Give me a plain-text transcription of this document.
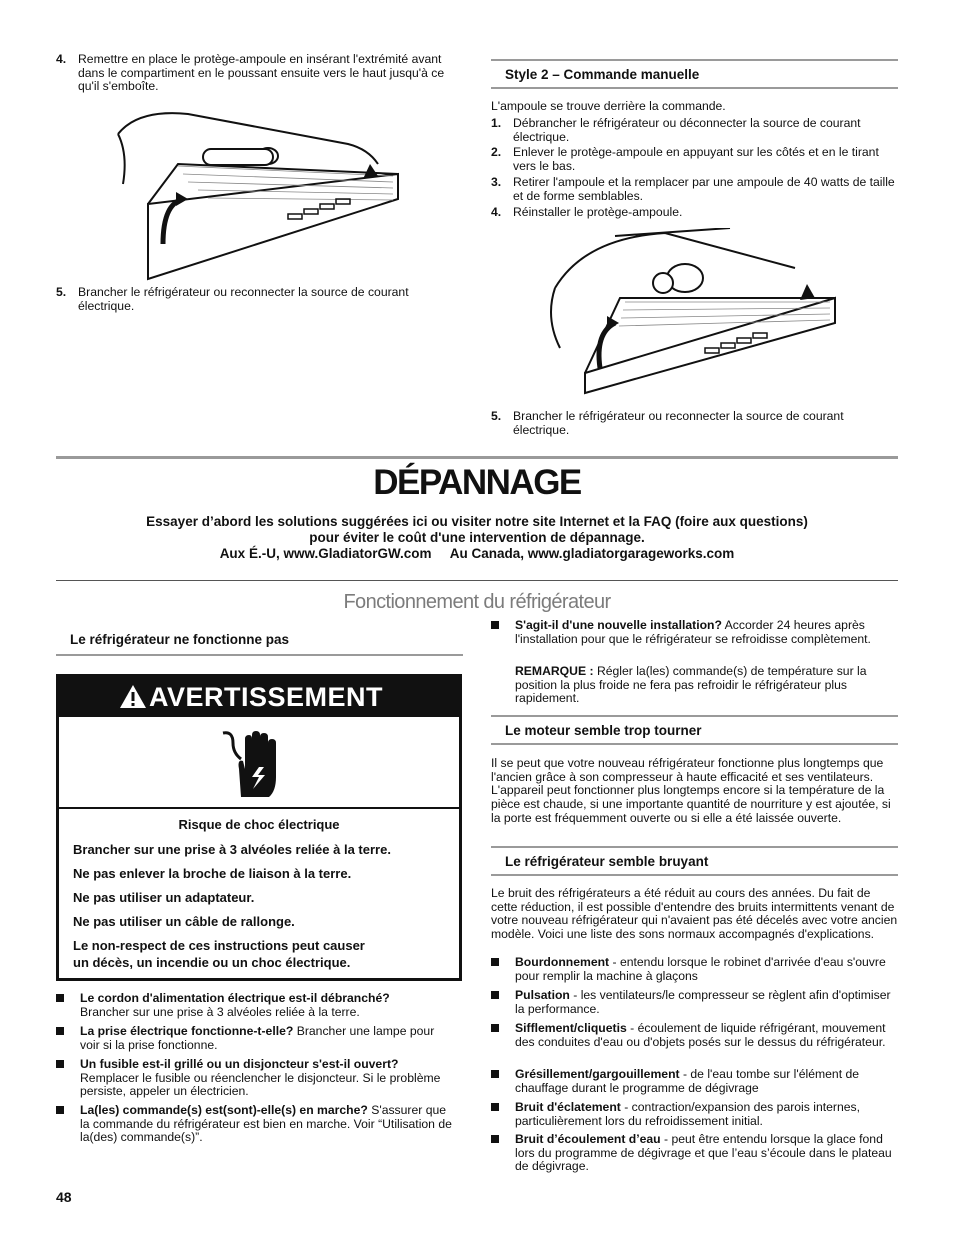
4. Remettre en place le protège-ampoule en insérant l'extrémité avant dans le compartiment en le poussant ensuite vers le haut jusqu'à ce qu'il s'emboîte.
5. Brancher le réfrigérateur ou reconnecter la source de courant électrique.
Style 2 – Commande manuelle
L'ampoule se trouve derrière la commande.
1. Débrancher le réfrigérateur ou déconnecter la source de courant électrique.
2. Enlever le protège-ampoule en appuyant sur les côtés et en le tirant vers le bas.
3. Retirer l'ampoule et la remplacer par une ampoule de 40 watts de taille et de forme semblables.
4. Réinstaller le protège-ampoule.
5. Brancher le réfrigérateur ou reconnecter la source de courant électrique.
DÉPANNAGE
Essayer d’abord les solutions suggérées ici ou visiter notre site Internet et la FAQ (foire aux questions)
pour éviter le coût d'une intervention de dépannage.
Aux É.-U, www.GladiatorGW.com     Au Canada, www.gladiatorgarageworks.com
Fonctionnement du réfrigérateur
Le réfrigérateur ne fonctionne pas
AVERTISSEMENT
Risque de choc électrique
Brancher sur une prise à 3 alvéoles reliée à la terre.
Ne pas enlever la broche de liaison à la terre.
Ne pas utiliser un adaptateur.
Ne pas utiliser un câble de rallonge.
Le non-respect de ces instructions peut causer
un décès, un incendie ou un choc électrique.
Le cordon d'alimentation électrique est-il débranché?
Brancher sur une prise à 3 alvéoles reliée à la terre.
La prise électrique fonctionne-t-elle? Brancher une lampe pour voir si la prise fonctionne.
Un fusible est-il grillé ou un disjoncteur s'est-il ouvert?
Remplacer le fusible ou réenclencher le disjoncteur. Si le problème persiste, appeler un électricien.
La(les) commande(s) est(sont)-elle(s) en marche? S'assurer que la commande du réfrigérateur est bien en marche. Voir “Utilisation de la(des) commande(s)”.
S'agit-il d'une nouvelle installation? Accorder 24 heures après l'installation pour que le réfrigérateur se refroidisse complètement.
REMARQUE : Régler la(les) commande(s) de température sur la position la plus froide ne fera pas refroidir le réfrigérateur plus rapidement.
Le moteur semble trop tourner
Il se peut que votre nouveau réfrigérateur fonctionne plus longtemps que l'ancien grâce à son compresseur à haute efficacité et ses ventilateurs. L'appareil peut fonctionner plus longtemps encore si la température de la pièce est chaude, si une importante quantité de nourriture y est ajoutée, si la porte est fréquemment ouverte ou si elle a été laissée ouverte.
Le réfrigérateur semble bruyant
Le bruit des réfrigérateurs a été réduit au cours des années. Du fait de cette réduction, il est possible d'entendre des bruits intermittents venant de votre nouveau réfrigérateur qui n'avaient pas été décelés avec votre ancien modèle. Voici une liste des sons normaux accompagnés d'explications.
Bourdonnement - entendu lorsque le robinet d'arrivée d'eau s'ouvre pour remplir la machine à glaçons
Pulsation - les ventilateurs/le compresseur se règlent afin d'optimiser la performance.
Sifflement/cliquetis - écoulement de liquide réfrigérant, mouvement des conduites d'eau ou d'objets posés sur le dessus du réfrigérateur.
Grésillement/gargouillement - de l'eau tombe sur l'élément de chauffage durant le programme de dégivrage
Bruit d'éclatement - contraction/expansion des parois internes, particulièrement lors du refroidissement initial.
Bruit d’écoulement d’eau - peut être entendu lorsque la glace fond lors du programme de dégivrage et que l’eau s’écoule dans le plateau de dégivrage.
48
